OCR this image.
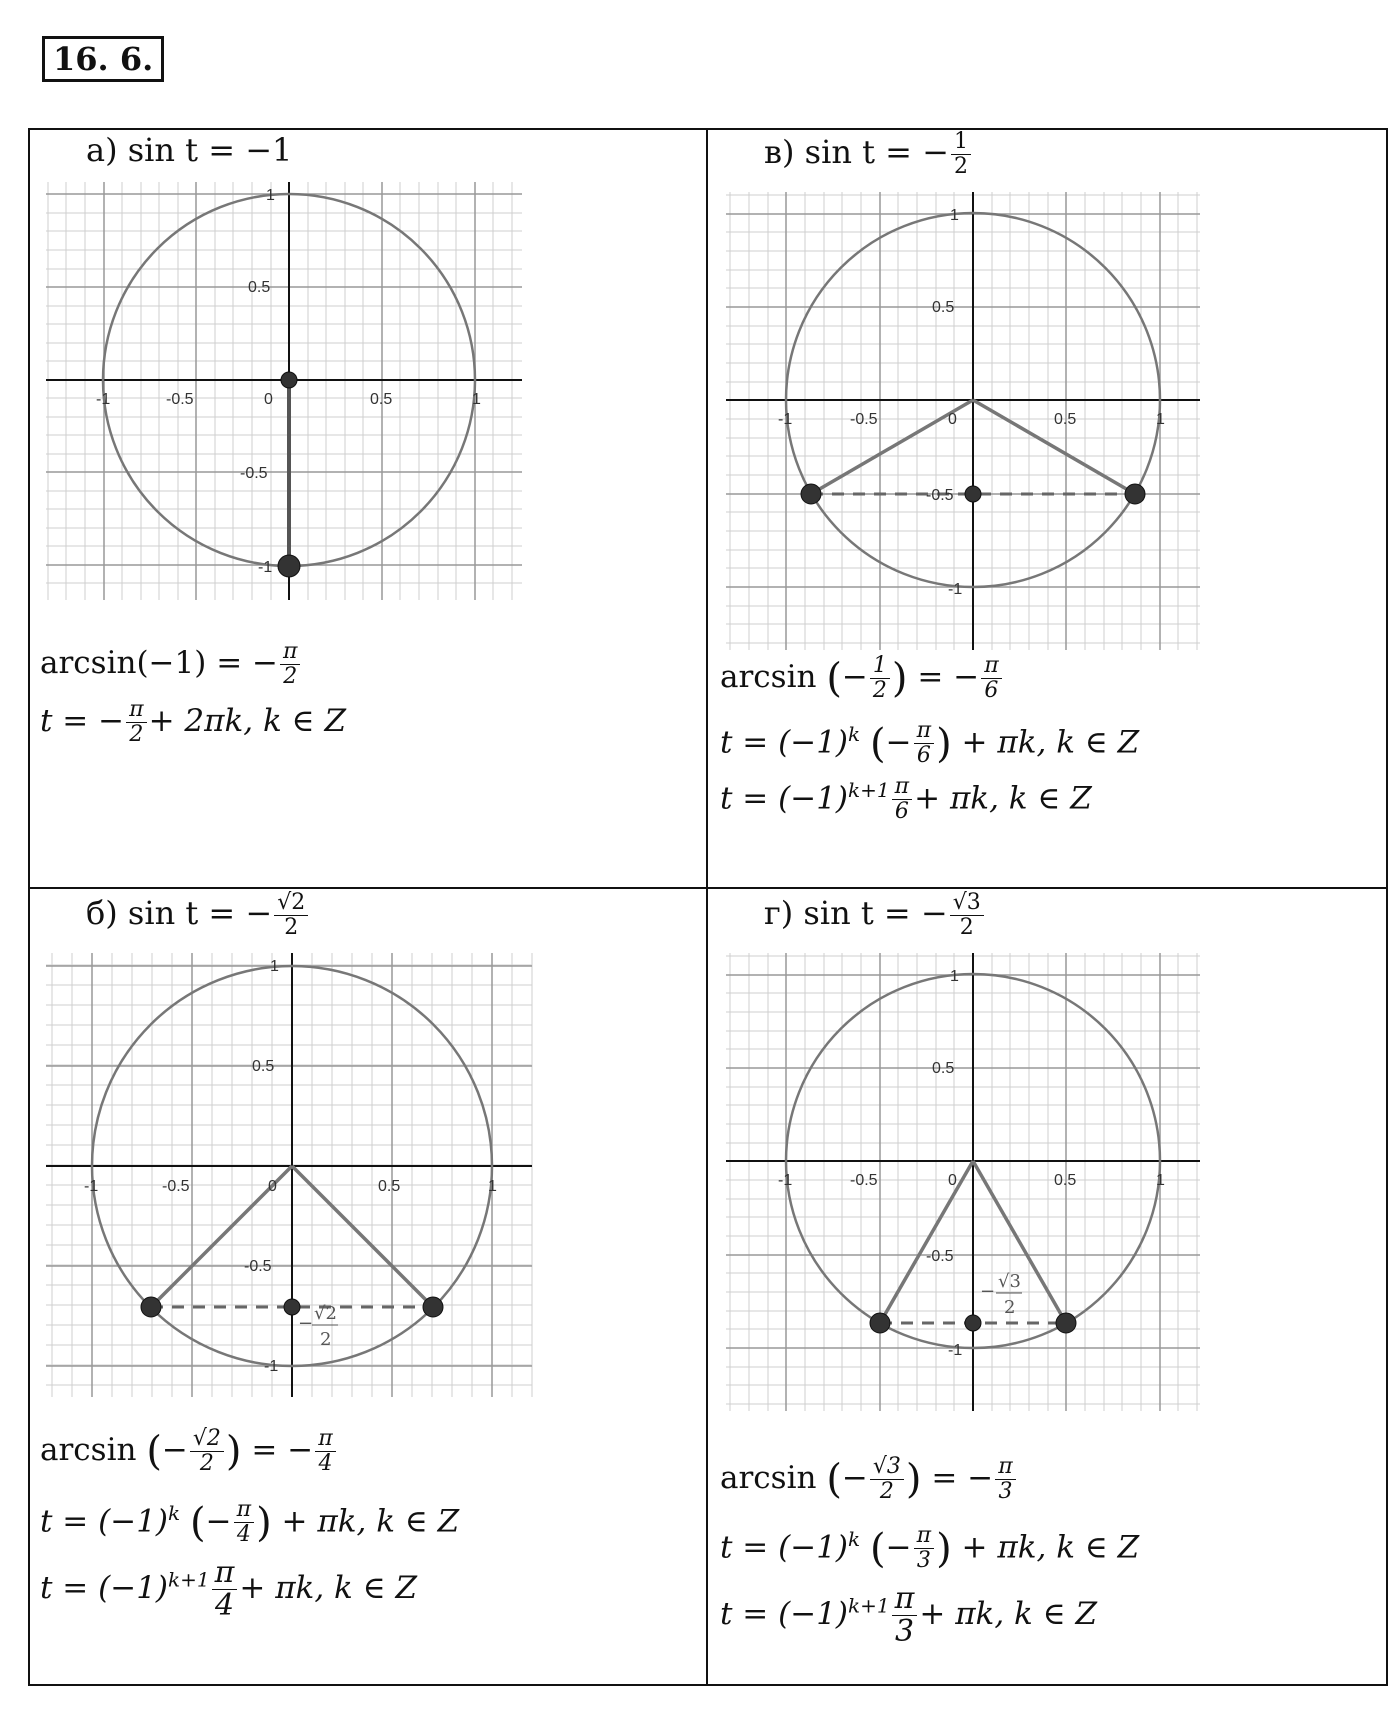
16. 6.
а) sin t = −1
-1	-0.5	0	0.5	1
1
0.5
-0.5
-1
arcsin(−1) = − $\frac{\pi}{2}$
t = − $\frac{\pi}{2} + 2\pi k$, k ∈ Z
в) sin t = − $\frac{1}{2}$
-1	-0.5	0	0.5	1
1
0.5
-0.5
-1
arcsin (− $\frac{1}{2}$ ) = − $\frac{\pi}{6}$
$t = (-1)^k$ (− $\frac{\pi}{6}$ ) + πk, k ∈ Z
$t = (-1)^{k+1} \frac{\pi}{6} + \pi k$, k ∈ Z
б) sin t = − $\frac{√2}{2}$
− √2
2
-1	-0.5	0	0.5	1
1
0.5
-0.5
-1
arcsin (− $\frac{√2}{2}$ ) = − $\frac{\pi}{4}$
$t = (-1)^k$ (− $\frac{\pi}{4}$ ) + πk, k ∈ Z
$t = (-1)^{k+1} \frac{\pi}{4} + \pi k$, k ∈ Z
г) sin t = − $\frac{√3}{2}$
− √3
2
-1	-0.5	0	0.5	1
1
0.5
-0.5
-1
arcsin (− $\frac{√3}{2}$ ) = − $\frac{\pi}{3}$
$t = (-1)^k$ (− $\frac{\pi}{3}$ ) + πk, k ∈ Z
$t = (-1)^{k+1} \frac{\pi}{3} + \pi k$, k ∈ Z
